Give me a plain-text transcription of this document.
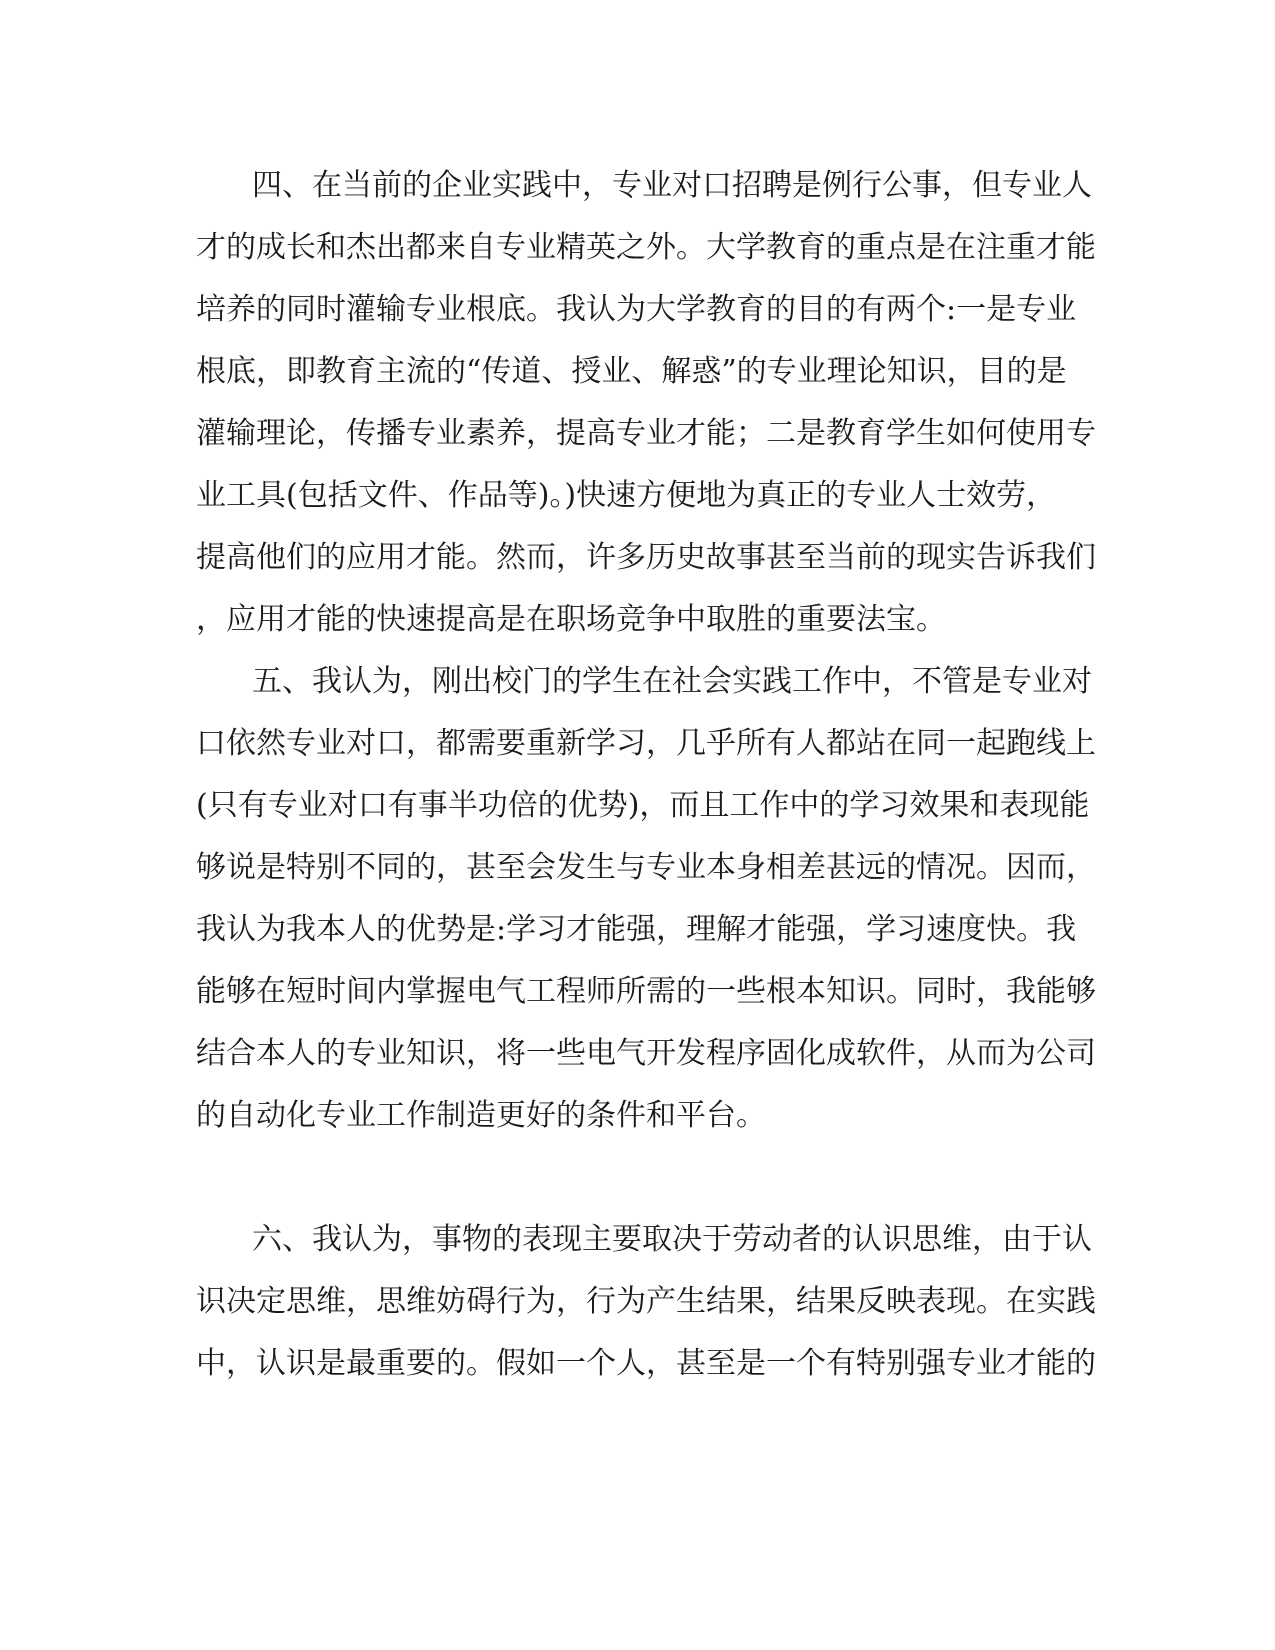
四、在当前的企业实践中，专业对口招聘是例行公事，但专业人
才的成长和杰出都来自专业精英之外。大学教育的重点是在注重才能
培养的同时灌输专业根底。我认为大学教育的目的有两个:一是专业
根底，即教育主流的“传道、授业、解惑”的专业理论知识，目的是
灌输理论，传播专业素养，提高专业才能；二是教育学生如何使用专
业工具(包括文件、作品等)。)快速方便地为真正的专业人士效劳，
提高他们的应用才能。然而，许多历史故事甚至当前的现实告诉我们
，应用才能的快速提高是在职场竞争中取胜的重要法宝。
五、我认为，刚出校门的学生在社会实践工作中，不管是专业对
口依然专业对口，都需要重新学习，几乎所有人都站在同一起跑线上
(只有专业对口有事半功倍的优势)，而且工作中的学习效果和表现能
够说是特别不同的，甚至会发生与专业本身相差甚远的情况。因而，
我认为我本人的优势是:学习才能强，理解才能强，学习速度快。我
能够在短时间内掌握电气工程师所需的一些根本知识。同时，我能够
结合本人的专业知识，将一些电气开发程序固化成软件，从而为公司
的自动化专业工作制造更好的条件和平台。
六、我认为，事物的表现主要取决于劳动者的认识思维，由于认
识决定思维，思维妨碍行为，行为产生结果，结果反映表现。在实践
中，认识是最重要的。假如一个人，甚至是一个有特别强专业才能的
